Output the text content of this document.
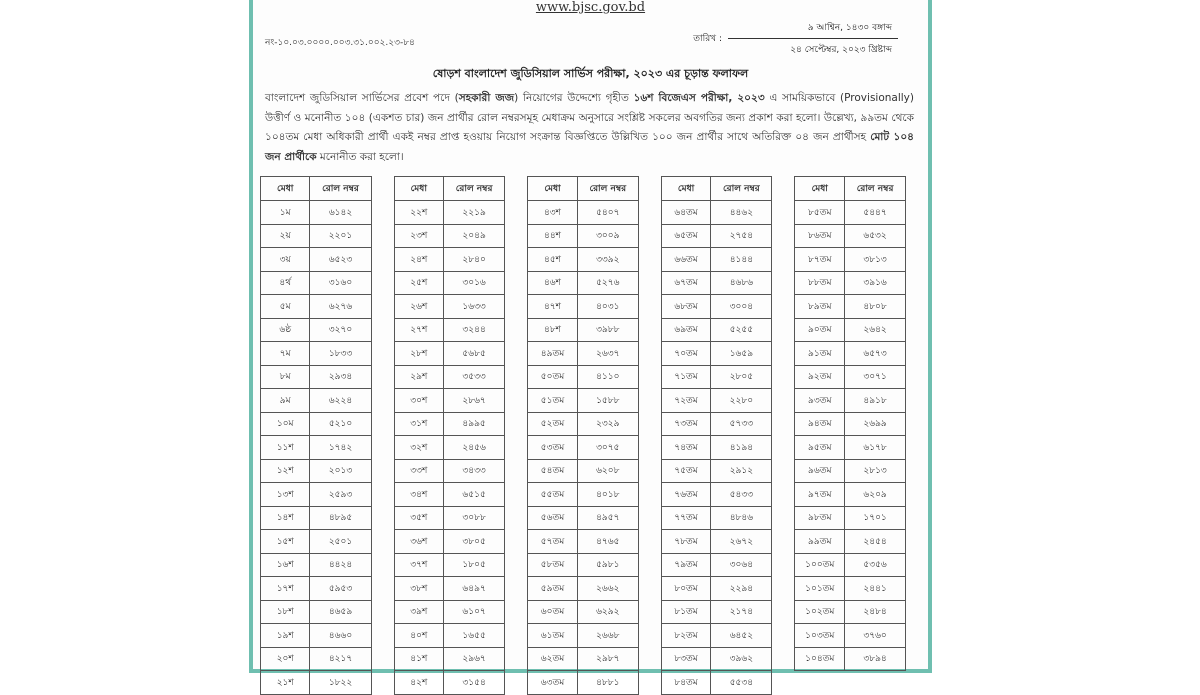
www.bjsc.gov.bd
নং-১০.০৩.০০০০.০০৩.৩১.০০২.২৩-৮৪	তারিখ : $\frac{\text{৯ আশ্বিন, ১৪৩০ বঙ্গাব্দ}}{\text{২৪ সেপ্টেম্বর, ২০২৩ খ্রিষ্টাব্দ}}$
ষোড়শ বাংলাদেশ জুডিসিয়াল সার্ভিস পরীক্ষা, ২০২৩ এর চূড়ান্ত ফলাফল
বাংলাদেশ জুডিসিয়াল সার্ভিসের প্রবেশ পদে (সহকারী জজ) নিয়োগের উদ্দেশ্যে গৃহীত ১৬শ বিজেএস পরীক্ষা, ২০২৩ এ সাময়িকভাবে (Provisionally) উত্তীর্ণ ও মনোনীত ১০৪ (একশত চার) জন প্রার্থীর রোল নম্বরসমূহ মেধাক্রম অনুসারে সংশ্লিষ্ট সকলের অবগতির জন্য প্রকাশ করা হলো। উল্লেখ্য, ৯৯তম থেকে ১০৪তম মেধা অধিকারী প্রার্থী একই নম্বর প্রাপ্ত হওয়ায় নিয়োগ সংক্রান্ত বিজ্ঞপ্তিতে উল্লিখিত ১০০ জন প্রার্থীর সাথে অতিরিক্ত ০৪ জন প্রার্থীসহ মোট ১০৪ জন প্রার্থীকে মনোনীত করা হলো।
মেধা	রোল নম্বর
১ম	৬১৪২
২য়	২২০১
৩য়	৬৫২৩
৪র্থ	৩১৬০
৫ম	৬২৭৬
৬ষ্ঠ	৩২৭০
৭ম	১৮৩৩
৮ম	২৯৩৪
৯ম	৬২২৪
১০ম	৫২১০
১১শ	১৭৪২
১২শ	২০১৩
১৩শ	২৫৯৩
১৪শ	৪৮৯৫
১৫শ	২৫০১
১৬শ	৪৪২৪
১৭শ	৫৯৫৩
১৮শ	৪৬৫৯
১৯শ	৪৬৬০
২০শ	৪২১৭
২১শ	১৮২২
মেধা	রোল নম্বর
২২শ	২২১৯
২৩শ	২০৪৯
২৪শ	২৮৪০
২৫শ	৩০১৬
২৬শ	১৬৩৩
২৭শ	৩২৪৪
২৮শ	৫৬৮৫
২৯শ	৩৫৩৩
৩০শ	২৮৬৭
৩১শ	৪৯৯৫
৩২শ	২৪৫৬
৩৩শ	৩৪৩৩
৩৪শ	৬৫১৫
৩৫শ	৩০৮৮
৩৬শ	৩৮০৫
৩৭শ	১৮০৫
৩৮শ	৬৪৯৭
৩৯শ	৬১০৭
৪০শ	১৬৫৫
৪১শ	২৯৬৭
৪২শ	৩১৫৪
মেধা	রোল নম্বর
৪৩শ	৫৪০৭
৪৪শ	৩০০৯
৪৫শ	৩৩৯২
৪৬শ	৫২৭৬
৪৭শ	৪০৩১
৪৮শ	৩৯৮৮
৪৯তম	২৬৩৭
৫০তম	৪১১০
৫১তম	১৫৮৮
৫২তম	২৩২৯
৫৩তম	৩০৭৫
৫৪তম	৬২০৮
৫৫তম	৪০১৮
৫৬তম	৪৯৫৭
৫৭তম	৪৭৬৫
৫৮তম	৫৯৮১
৫৯তম	২৬৬২
৬০তম	৬২৯২
৬১তম	২৬৬৮
৬২তম	২৯৮৭
৬৩তম	৪৮৮১
মেধা	রোল নম্বর
৬৪তম	৪৪৬২
৬৫তম	২৭৫৪
৬৬তম	৪১৪৪
৬৭তম	৪৬৮৬
৬৮তম	৩০০৪
৬৯তম	৫২৫৫
৭০তম	১৬৫৯
৭১তম	২৮০৫
৭২তম	২২৮০
৭৩তম	৫৭৩৩
৭৪তম	৪১৯৪
৭৫তম	২৯১২
৭৬তম	৫৪৩৩
৭৭তম	৪৮৪৬
৭৮তম	২৬৭২
৭৯তম	৩০৬৪
৮০তম	২২৯৪
৮১তম	২১৭৪
৮২তম	৬৪৫২
৮৩তম	৩৯৬২
৮৪তম	৫৫৩৪
মেধা	রোল নম্বর
৮৫তম	৫৪৪৭
৮৬তম	৬৫৩২
৮৭তম	৩৮১৩
৮৮তম	৩৯১৬
৮৯তম	৪৮০৮
৯০তম	২৬৪২
৯১তম	৬৫৭৩
৯২তম	৩০৭১
৯৩তম	৪৯১৮
৯৪তম	২৬৯৯
৯৫তম	৬১৭৮
৯৬তম	২৮১৩
৯৭তম	৬২০৯
৯৮তম	১৭০১
৯৯তম	২৪৫৪
১০০তম	৫৩৫৬
১০১তম	২৪৪১
১০২তম	২৪৮৪
১০৩তম	৩৭৬০
১০৪তম	৩৮৯৪
